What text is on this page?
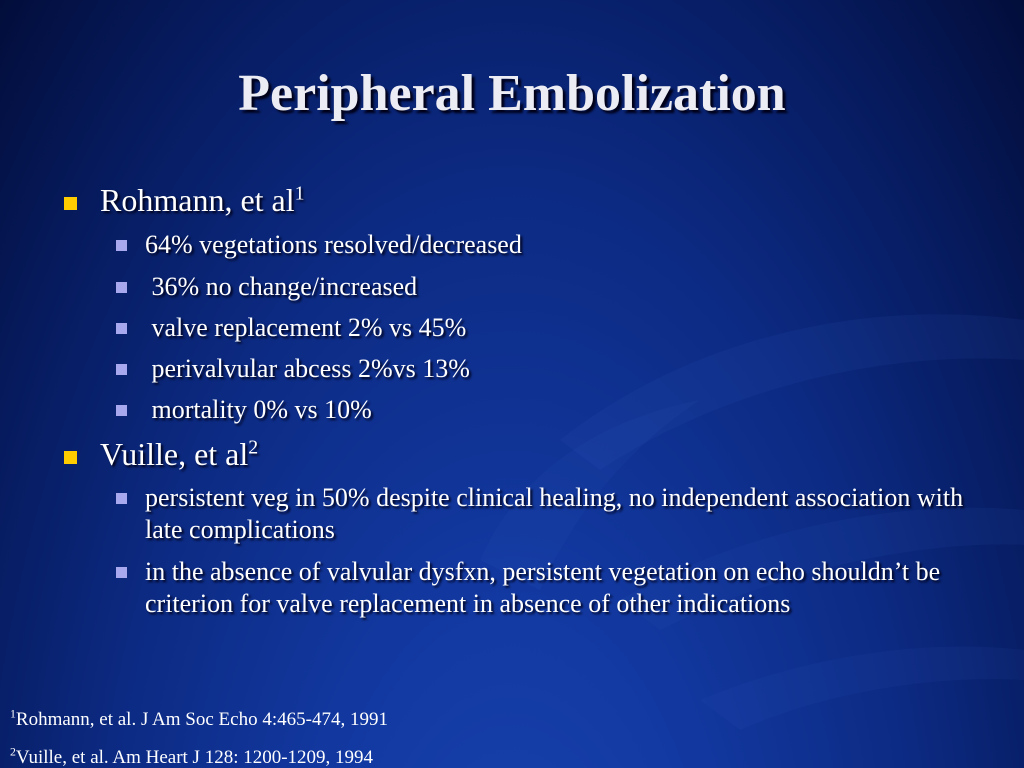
Peripheral Embolization
Rohmann, et $al^1$
64% vegetations resolved/decreased
36% no change/increased
valve replacement 2% vs 45%
perivalvular abcess 2%vs 13%
mortality 0% vs 10%
Vuille, et $al^2$
persistent veg in 50% despite clinical healing, no independent association with late complications
in the absence of valvular dysfxn, persistent vegetation on echo shouldn’t be criterion for valve replacement in absence of other indications
$^1$Rohmann, et al. J Am Soc Echo 4:465-474, 1991
$^2$Vuille, et al. Am Heart J 128: 1200-1209, 1994
